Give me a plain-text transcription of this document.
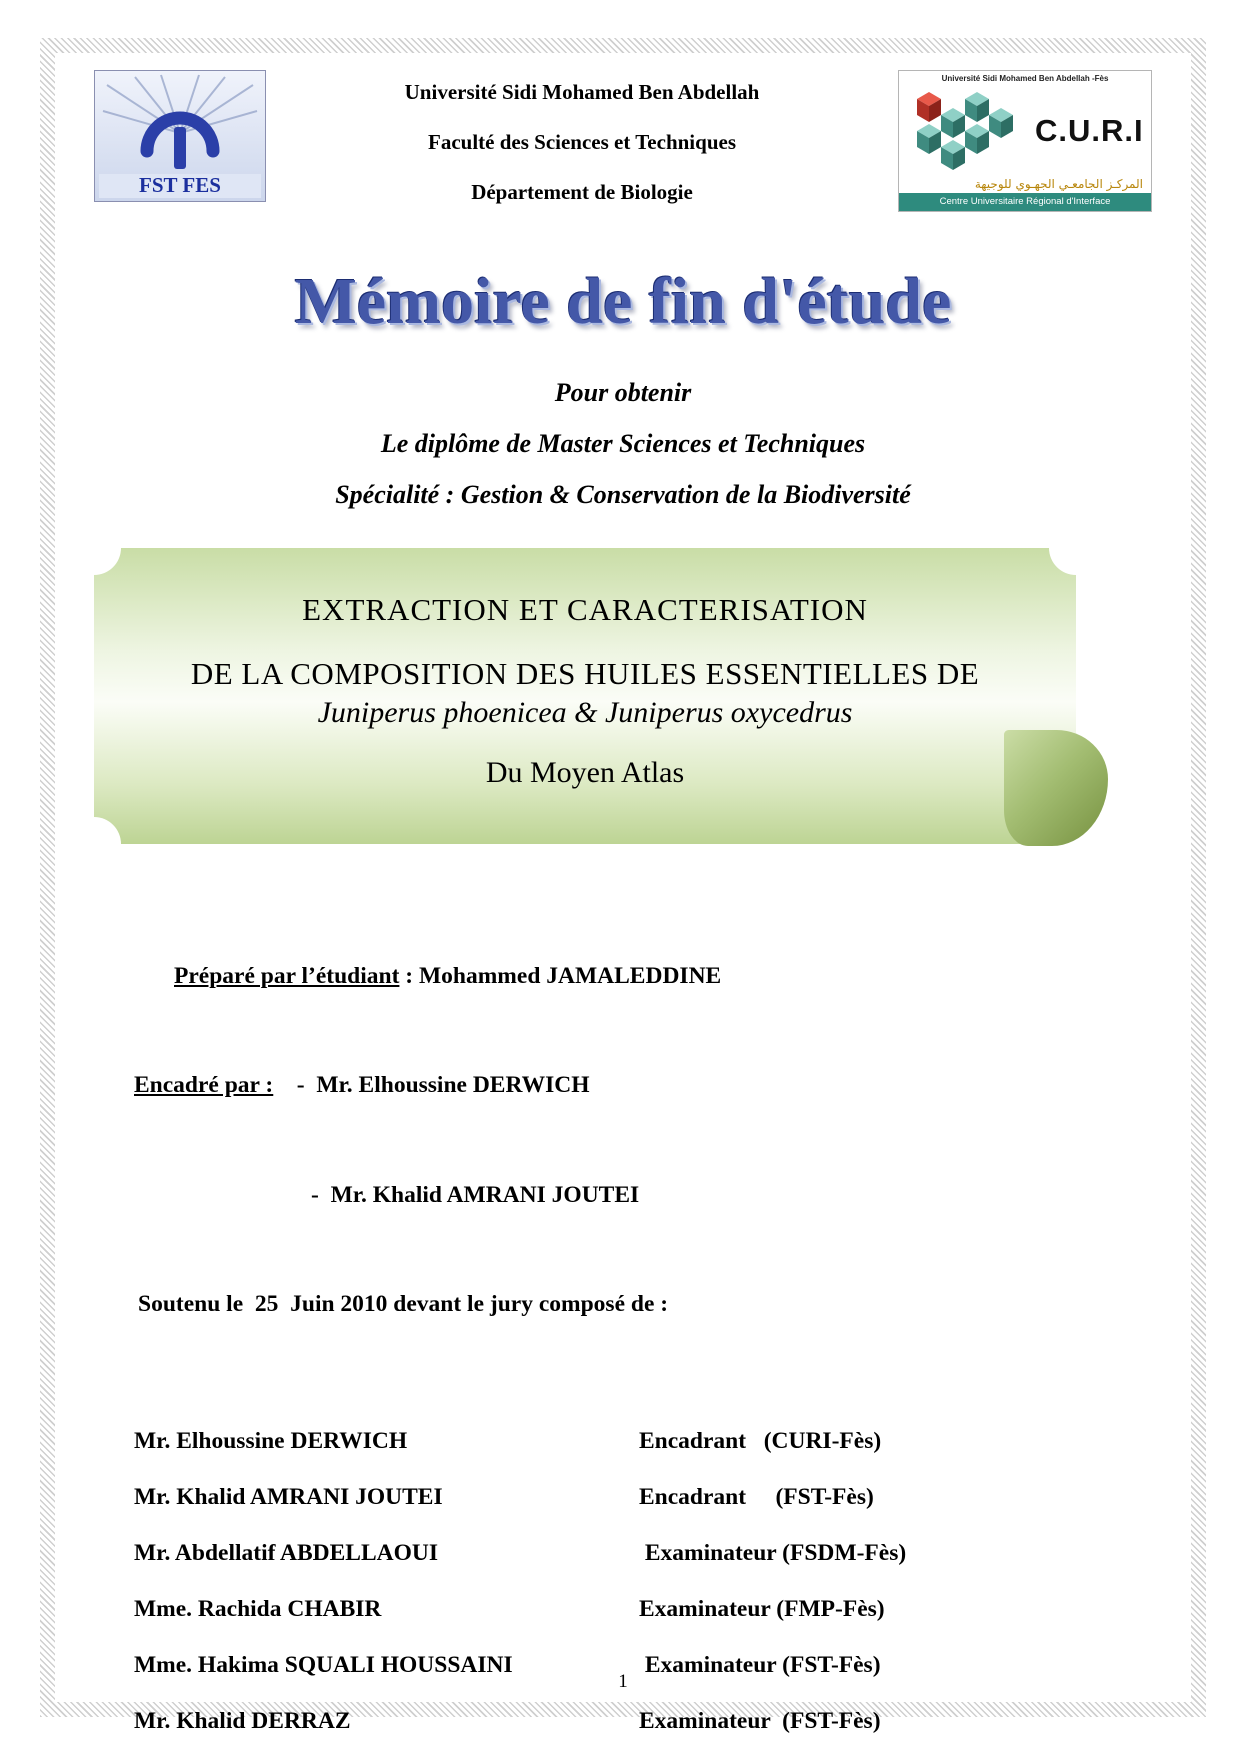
FST FES
Université Sidi Mohamed Ben Abdellah
Faculté des Sciences et Techniques
Département de Biologie
Université Sidi Mohamed Ben Abdellah -Fès
C.U.R.I
المركـز الجامعـي الجهـوي للوجيهة
Centre Universitaire Régional d'Interface
Mémoire de fin d'étude
Pour obtenir
Le diplôme de Master Sciences et Techniques
Spécialité : Gestion & Conservation de la Biodiversité
EXTRACTION ET CARACTERISATION
DE LA COMPOSITION DES HUILES ESSENTIELLES DE
Juniperus phoenicea & Juniperus oxycedrus
Du Moyen Atlas

Préparé par l’étudiant : Mohammed JAMALEDDINE

Encadré par :    -  Mr. Elhoussine DERWICH

-  Mr. Khalid AMRANI JOUTEI

Soutenu le  25  Juin 2010 devant le jury composé de :

Mr. Elhoussine DERWICH	Encadrant   (CURI-Fès)
Mr. Khalid AMRANI JOUTEI	Encadrant     (FST-Fès)
Mr. Abdellatif ABDELLAOUI	Examinateur (FSDM-Fès)
Mme. Rachida CHABIR	Examinateur (FMP-Fès)
Mme. Hakima SQUALI HOUSSAINI	Examinateur (FST-Fès)
Mr. Khalid DERRAZ	Examinateur  (FST-Fès)
1
